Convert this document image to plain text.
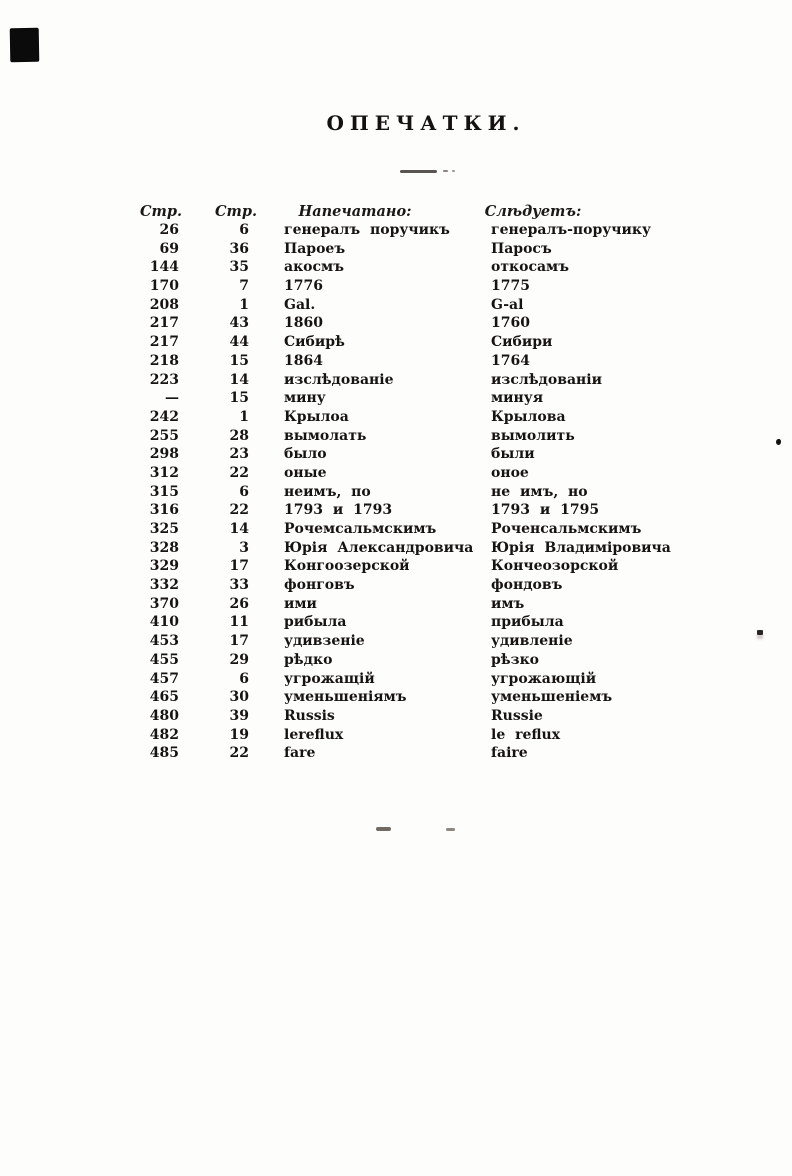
ОПЕЧАТКИ.
Стр.	Стр.	Напечатано:	Слѣдуетъ:
26	6	генералъ поручикъ	генералъ-поручику
69	36	Пароеъ	Паросъ
144	35	акосмъ	откосамъ
170	7	1776	1775
208	1	Gal.	G-al
217	43	1860	1760
217	44	Сибирѣ	Сибири
218	15	1864	1764
223	14	изслѣдованіе	изслѣдованіи
—	15	мину	минуя
242	1	Крылоа	Крылова
255	28	вымолать	вымолить
298	23	было	были
312	22	оные	оное
315	6	неимъ, по	не имъ, но
316	22	1793 и 1793	1793 и 1795
325	14	Рочемсальмскимъ	Роченсальмскимъ
328	3	Юрія Александровича	Юрія Владиміровича
329	17	Конгоозерской	Кончеозорской
332	33	фонговъ	фондовъ
370	26	ими	имъ
410	11	рибыла	прибыла
453	17	удивзеніе	удивленіе
455	29	рѣдко	рѣзко
457	6	угрожащій	угрожающій
465	30	уменьшеніямъ	уменьшеніемъ
480	39	Russis	Russie
482	19	lereflux	le reflux
485	22	fare	faire
